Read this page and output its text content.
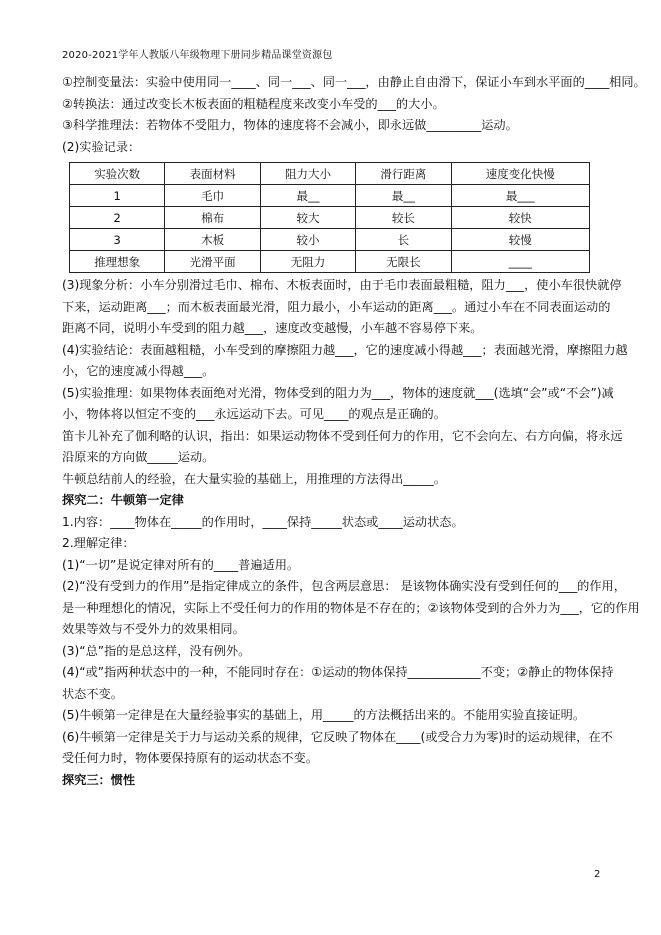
2020-2021学年人教版八年级物理下册同步精品课堂资源包
①控制变量法：实验中使用同一____、同一___、同一___，由静止自由滑下，保证小车到水平面的____相同。
②转换法：通过改变长木板表面的粗糙程度来改变小车受的___的大小。
③科学推理法：若物体不受阻力，物体的速度将不会减小，即永远做_________运动。
(2)实验记录：
实验次数	表面材料	阻力大小	滑行距离	速度变化快慢
1	毛巾	最__	最__	最___
2	棉布	较大	较长	较快
3	木板	较小	长	较慢
推理想象	光滑平面	无阻力	无限长	____
(3)现象分析：小车分别滑过毛巾、棉布、木板表面时，由于毛巾表面最粗糙，阻力___，使小车很快就停
下来，运动距离___；而木板表面最光滑，阻力最小，小车运动的距离___。通过小车在不同表面运动的
距离不同，说明小车受到的阻力越___，速度改变越慢，小车越不容易停下来。
(4)实验结论：表面越粗糙，小车受到的摩擦阻力越___，它的速度减小得越___；表面越光滑，摩擦阻力越
小，它的速度减小得越___。
(5)实验推理：如果物体表面绝对光滑，物体受到的阻力为___，物体的速度就___(选填“会”或“不会”)减
小，物体将以恒定不变的___永远运动下去。可见____的观点是正确的。
笛卡儿补充了伽利略的认识，指出：如果运动物体不受到任何力的作用，它不会向左、右方向偏，将永远
沿原来的方向做_____运动。
牛顿总结前人的经验，在大量实验的基础上，用推理的方法得出_____。
探究二：牛顿第一定律
1.内容：____物体在_____的作用时，____保持_____状态或____运动状态。
2.理解定律：
(1)“一切”是说定律对所有的____普遍适用。
(2)“没有受到力的作用”是指定律成立的条件，包含两层意思： 是该物体确实没有受到任何的___的作用，
是一种理想化的情况，实际上不受任何力的作用的物体是不存在的；②该物体受到的合外力为___，它的作用
效果等效与不受外力的效果相同。
(3)“总”指的是总这样，没有例外。
(4)“或”指两种状态中的一种，不能同时存在：①运动的物体保持____________不变；②静止的物体保持
状态不变。
(5)牛顿第一定律是在大量经验事实的基础上，用_____的方法概括出来的。不能用实验直接证明。
(6)牛顿第一定律是关于力与运动关系的规律，它反映了物体在____(或受合力为零)时的运动规律，在不
受任何力时，物体要保持原有的运动状态不变。
探究三：惯性
2
